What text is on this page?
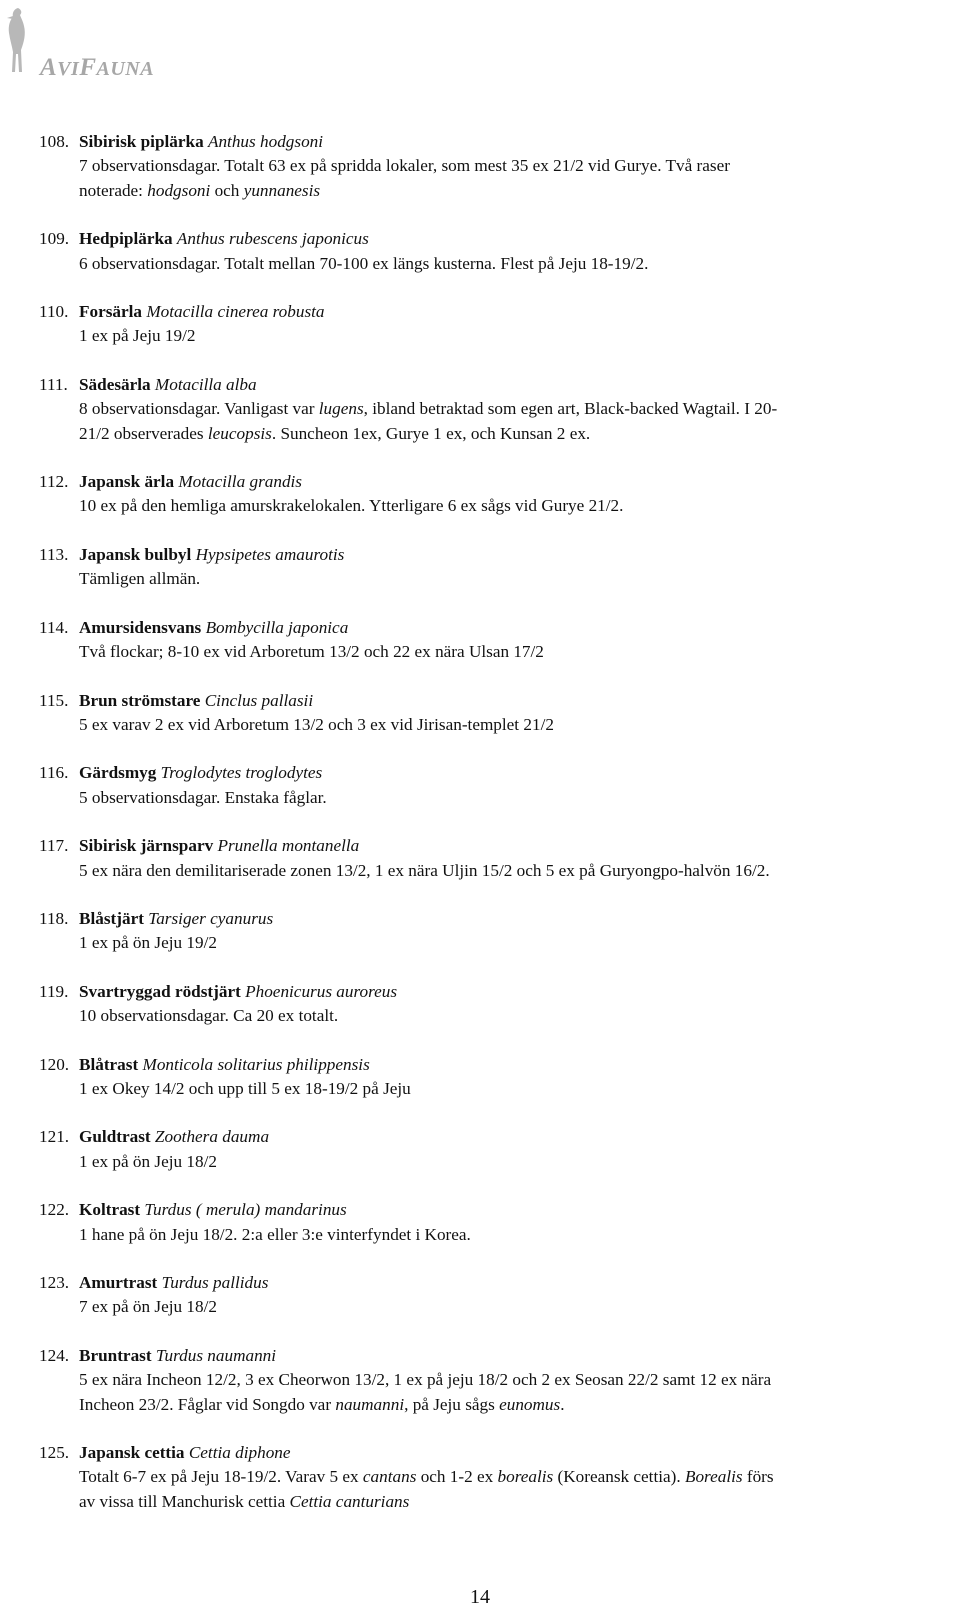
AVIFAUNA

108. Sibirisk piplärka Anthus hodgsoni

7 observationsdagar. Totalt 63 ex på spridda lokaler, som mest 35 ex 21/2 vid Gurye. Två raser

noterade: hodgsoni och yunnanesis

109. Hedpiplärka Anthus rubescens japonicus

6 observationsdagar. Totalt mellan 70-100 ex längs kusterna. Flest på Jeju 18-19/2.

110. Forsärla Motacilla cinerea robusta

1 ex på Jeju 19/2

111. Sädesärla Motacilla alba

8 observationsdagar. Vanligast var lugens, ibland betraktad som egen art, Black-backed Wagtail. I 20-

21/2 observerades leucopsis. Suncheon 1ex, Gurye 1 ex, och Kunsan 2 ex.

112. Japansk ärla Motacilla grandis

10 ex på den hemliga amurskrakelokalen. Ytterligare 6 ex sågs vid Gurye 21/2.

113. Japansk bulbyl Hypsipetes amaurotis

Tämligen allmän.

114. Amursidensvans Bombycilla japonica

Två flockar; 8-10 ex vid Arboretum 13/2 och 22 ex nära Ulsan 17/2

115. Brun strömstare Cinclus pallasii

5 ex varav 2 ex vid Arboretum 13/2 och 3 ex vid Jirisan-templet 21/2

116. Gärdsmyg Troglodytes troglodytes

5 observationsdagar. Enstaka fåglar.

117. Sibirisk järnsparv Prunella montanella

5 ex nära den demilitariserade zonen 13/2, 1 ex nära Uljin 15/2 och 5 ex på Guryongpo-halvön 16/2.

118. Blåstjärt Tarsiger cyanurus

1 ex på ön Jeju 19/2

119. Svartryggad rödstjärt Phoenicurus auroreus

10 observationsdagar. Ca 20 ex totalt.

120. Blåtrast Monticola solitarius philippensis

1 ex Okey 14/2 och upp till 5 ex 18-19/2 på Jeju

121. Guldtrast Zoothera dauma

1 ex på ön Jeju 18/2

122. Koltrast Turdus ( merula) mandarinus

1 hane på ön Jeju 18/2. 2:a eller 3:e vinterfyndet i Korea.

123. Amurtrast Turdus pallidus

7 ex på ön Jeju 18/2

124. Bruntrast Turdus naumanni

5 ex nära Incheon 12/2, 3 ex Cheorwon 13/2, 1 ex på jeju 18/2 och 2 ex Seosan 22/2 samt 12 ex nära

Incheon 23/2. Fåglar vid Songdo var naumanni, på Jeju sågs eunomus.

125. Japansk cettia Cettia diphone

Totalt 6-7 ex på Jeju 18-19/2. Varav 5 ex cantans och 1-2 ex borealis (Koreansk cettia). Borealis förs

av vissa till Manchurisk cettia Cettia canturians

14
